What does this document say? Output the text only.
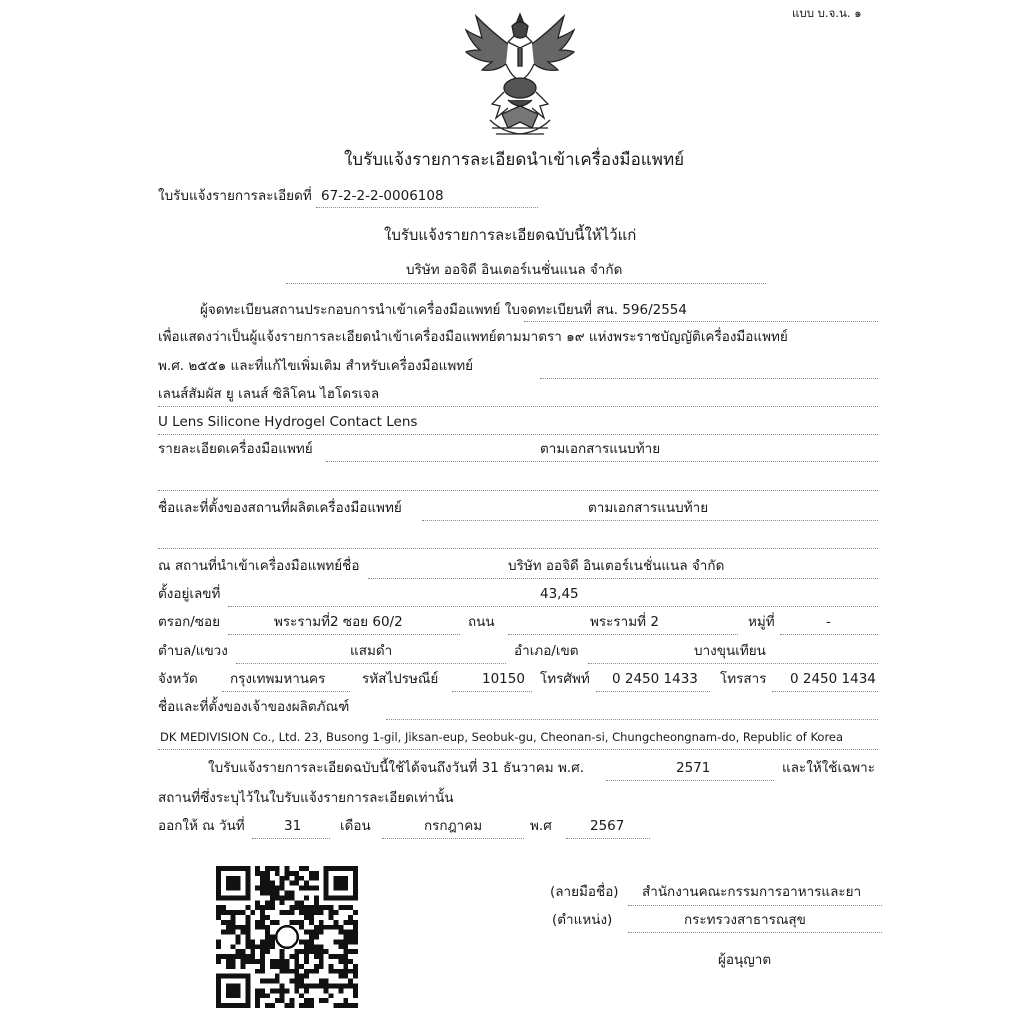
แบบ บ.จ.น. ๑
ใบรับแจ้งรายการละเอียดนำเข้าเครื่องมือแพทย์
ใบรับแจ้งรายการละเอียดที่ 67-2-2-2-0006108
ใบรับแจ้งรายการละเอียดฉบับนี้ให้ไว้แก่
บริษัท ออจิดี อินเตอร์เนชั่นแนล จำกัด
ผู้จดทะเบียนสถานประกอบการนำเข้าเครื่องมือแพทย์ ใบจดทะเบียนที่ สน. 596/2554
เพื่อแสดงว่าเป็นผู้แจ้งรายการละเอียดนำเข้าเครื่องมือแพทย์ตามมาตรา ๑๙ แห่งพระราชบัญญัติเครื่องมือแพทย์
พ.ศ. ๒๕๕๑ และที่แก้ไขเพิ่มเติม สำหรับเครื่องมือแพทย์
เลนส์สัมผัส ยู เลนส์ ซิลิโคน ไฮโดรเจล
U Lens Silicone Hydrogel Contact Lens
รายละเอียดเครื่องมือแพทย์	ตามเอกสารแนบท้าย
ชื่อและที่ตั้งของสถานที่ผลิตเครื่องมือแพทย์	ตามเอกสารแนบท้าย
ณ สถานที่นำเข้าเครื่องมือแพทย์ชื่อ	บริษัท ออจิดี อินเตอร์เนชั่นแนล จำกัด
ตั้งอยู่เลขที่	43,45
ตรอก/ซอย	พระรามที่2 ซอย 60/2	ถนน	พระรามที่ 2	หมู่ที่	-
ตำบล/แขวง	แสมดำ	อำเภอ/เขต	บางขุนเทียน
จังหวัด กรุงเทพมหานคร	รหัสไปรษณีย์	10150 โทรศัพท์ 0 2450 1433 โทรสาร 0 2450 1434
ชื่อและที่ตั้งของเจ้าของผลิตภัณฑ์
DK MEDIVISION Co., Ltd. 23, Busong 1-gil, Jiksan-eup, Seobuk-gu, Cheonan-si, Chungcheongnam-do, Republic of Korea
ใบรับแจ้งรายการละเอียดฉบับนี้ใช้ได้จนถึงวันที่ 31 ธันวาคม พ.ศ.	2571	และให้ใช้เฉพาะ
สถานที่ซึ่งระบุไว้ในใบรับแจ้งรายการละเอียดเท่านั้น
ออกให้ ณ วันที่	31	เดือน	กรกฎาคม	พ.ศ	2567
(ลายมือชื่อ) สำนักงานคณะกรรมการอาหารและยา
(ตำแหน่ง)	กระทรวงสาธารณสุข
ผู้อนุญาต
